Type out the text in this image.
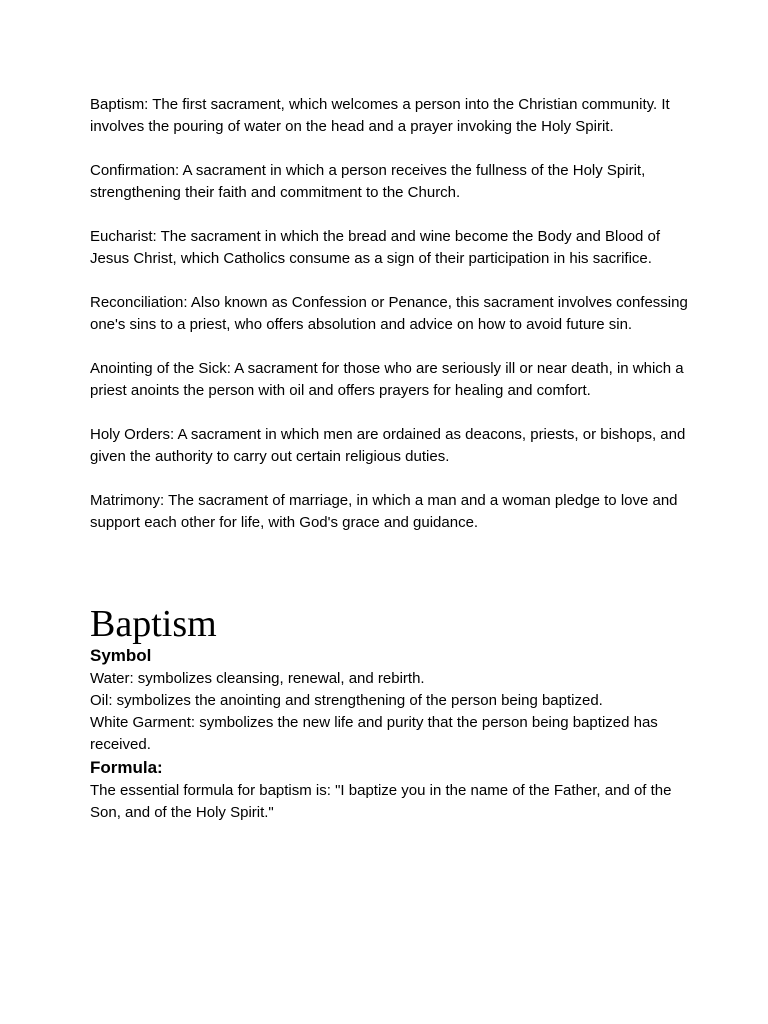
Baptism: The first sacrament, which welcomes a person into the Christian community. It involves the pouring of water on the head and a prayer invoking the Holy Spirit.

Confirmation: A sacrament in which a person receives the fullness of the Holy Spirit, strengthening their faith and commitment to the Church.

Eucharist: The sacrament in which the bread and wine become the Body and Blood of Jesus Christ, which Catholics consume as a sign of their participation in his sacrifice.

Reconciliation: Also known as Confession or Penance, this sacrament involves confessing one's sins to a priest, who offers absolution and advice on how to avoid future sin.

Anointing of the Sick: A sacrament for those who are seriously ill or near death, in which a priest anoints the person with oil and offers prayers for healing and comfort.

Holy Orders: A sacrament in which men are ordained as deacons, priests, or bishops, and given the authority to carry out certain religious duties.

Matrimony: The sacrament of marriage, in which a man and a woman pledge to love and support each other for life, with God's grace and guidance.

Baptism
Symbol

Water: symbolizes cleansing, renewal, and rebirth.

Oil: symbolizes the anointing and strengthening of the person being baptized.

White Garment: symbolizes the new life and purity that the person being baptized has received.

Formula:

The essential formula for baptism is: "I baptize you in the name of the Father, and of the Son, and of the Holy Spirit."
